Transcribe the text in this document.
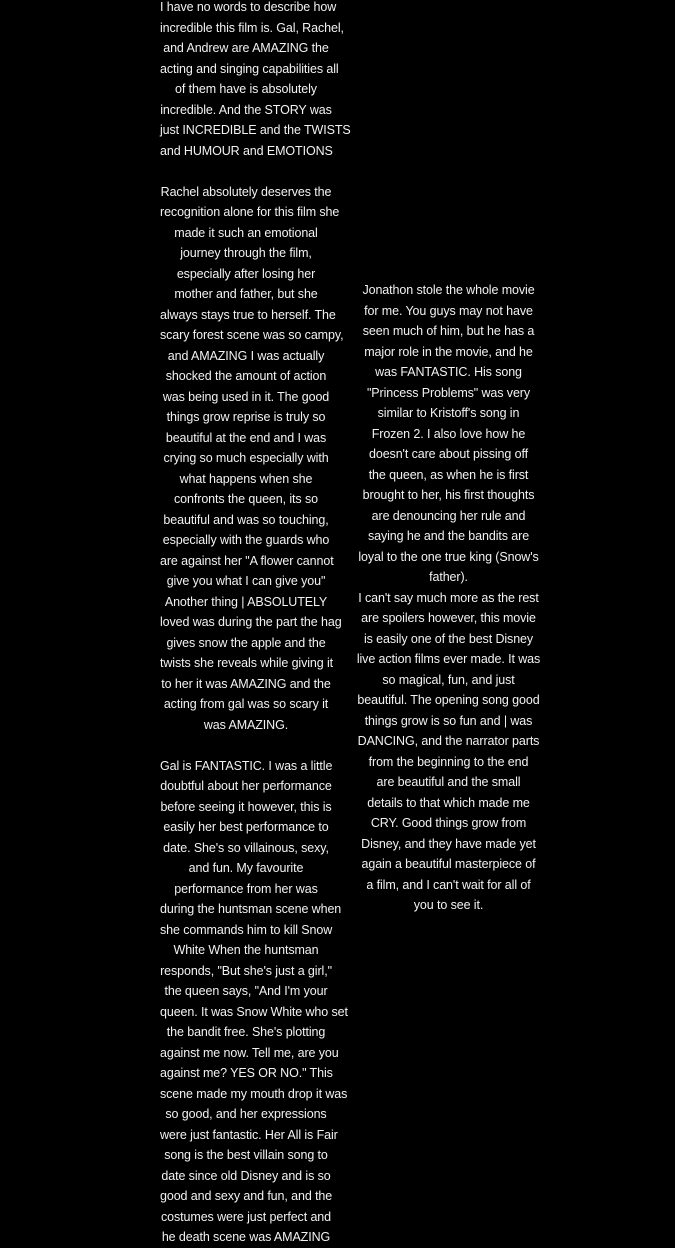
I have no words to describe how
incredible this film is. Gal, Rachel,
and Andrew are AMAZING the
acting and singing capabilities all
of them have is absolutely
incredible. And the STORY was
just INCREDIBLE and the TWISTS
and HUMOUR and EMOTIONS
Rachel absolutely deserves the
recognition alone for this film she
made it such an emotional
journey through the film,
especially after losing her
mother and father, but she
always stays true to herself. The
scary forest scene was so campy,
and AMAZING I was actually
shocked the amount of action
was being used in it. The good
things grow reprise is truly so
beautiful at the end and I was
crying so much especially with
what happens when she
confronts the queen, its so
beautiful and was so touching,
especially with the guards who
are against her "A flower cannot
give you what I can give you"
Another thing | ABSOLUTELY
loved was during the part the hag
gives snow the apple and the
twists she reveals while giving it
to her it was AMAZING and the
acting from gal was so scary it
was AMAZING.
Gal is FANTASTIC. I was a little
doubtful about her performance
before seeing it however, this is
easily her best performance to
date. She's so villainous, sexy,
and fun. My favourite
performance from her was
during the huntsman scene when
she commands him to kill Snow
White When the huntsman
responds, "But she's just a girl,"
the queen says, "And I'm your
queen. It was Snow White who set
the bandit free. She's plotting
against me now. Tell me, are you
against me? YES OR NO." This
scene made my mouth drop it was
so good, and her expressions
were just fantastic. Her All is Fair
song is the best villain song to
date since old Disney and is so
good and sexy and fun, and the
costumes were just perfect and
he death scene was AMAZING
Jonathon stole the whole movie
for me. You guys may not have
seen much of him, but he has a
major role in the movie, and he
was FANTASTIC. His song
"Princess Problems" was very
similar to Kristoff's song in
Frozen 2. I also love how he
doesn't care about pissing off
the queen, as when he is first
brought to her, his first thoughts
are denouncing her rule and
saying he and the bandits are
loyal to the one true king (Snow's
father).
I can't say much more as the rest
are spoilers however, this movie
is easily one of the best Disney
live action films ever made. It was
so magical, fun, and just
beautiful. The opening song good
things grow is so fun and | was
DANCING, and the narrator parts
from the beginning to the end
are beautiful and the small
details to that which made me
CRY. Good things grow from
Disney, and they have made yet
again a beautiful masterpiece of
a film, and I can't wait for all of
you to see it.
